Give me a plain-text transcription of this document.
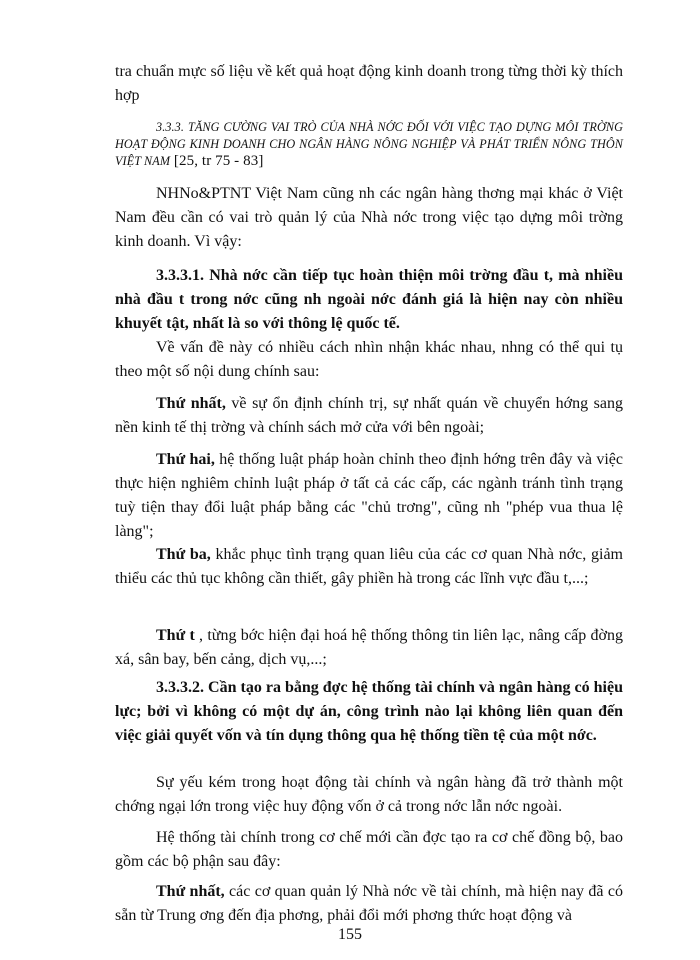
tra chuẩn mực số liệu về kết quả hoạt động kinh doanh trong từng thời kỳ thích hợp

3.3.3. TĂNG CƯỜNG VAI TRÒ CỦA NHÀ NỚC ĐỐI VỚI VIỆC TẠO DỰNG MÔI TRỜNG HOẠT ĐỘNG KINH DOANH CHO NGÂN HÀNG NÔNG NGHIỆP VÀ PHÁT TRIỂN NÔNG THÔN VIỆT NAM [25, tr 75 - 83]

NHNo&PTNT Việt Nam cũng nh các ngân hàng thơng mại khác ở Việt Nam đều cần có vai trò quản lý của Nhà nớc trong việc tạo dựng môi trờng kinh doanh. Vì vậy:

3.3.3.1. Nhà nớc cần tiếp tục hoàn thiện môi trờng đầu t, mà nhiều nhà đầu t trong nớc cũng nh ngoài nớc đánh giá là hiện nay còn nhiều khuyết tật, nhất là so với thông lệ quốc tế.

Về vấn đề này có nhiều cách nhìn nhận khác nhau, nhng có thể qui tụ theo một số nội dung chính sau:

Thứ nhất, về sự ổn định chính trị, sự nhất quán về chuyển hớng sang nền kinh tế thị trờng và chính sách mở cửa với bên ngoài;

Thứ hai, hệ thống luật pháp hoàn chỉnh theo định hớng trên đây và việc thực hiện nghiêm chỉnh luật pháp ở tất cả các cấp, các ngành tránh tình trạng tuỳ tiện thay đổi luật pháp bằng các "chủ trơng", cũng nh "phép vua thua lệ làng";

Thứ ba, khắc phục tình trạng quan liêu của các cơ quan Nhà nớc, giảm thiểu các thủ tục không cần thiết, gây phiền hà trong các lĩnh vực đầu t,...;

Thứ t , từng bớc hiện đại hoá hệ thống thông tin liên lạc, nâng cấp đờng xá, sân bay, bến cảng, dịch vụ,...;

3.3.3.2. Cần tạo ra bằng đợc hệ thống tài chính và ngân hàng có hiệu lực; bởi vì không có một dự án, công trình nào lại không liên quan đến việc giải quyết vốn và tín dụng thông qua hệ thống tiền tệ của một nớc.

Sự yếu kém trong hoạt động tài chính và ngân hàng đã trở thành một chớng ngại lớn trong việc huy động vốn ở cả trong nớc lẫn nớc ngoài.

Hệ thống tài chính trong cơ chế mới cần đợc tạo ra cơ chế đồng bộ, bao gồm các bộ phận sau đây:

Thứ nhất, các cơ quan quản lý Nhà nớc về tài chính, mà hiện nay đã có sẵn từ Trung ơng đến địa phơng, phải đổi mới phơng thức hoạt động và

155
